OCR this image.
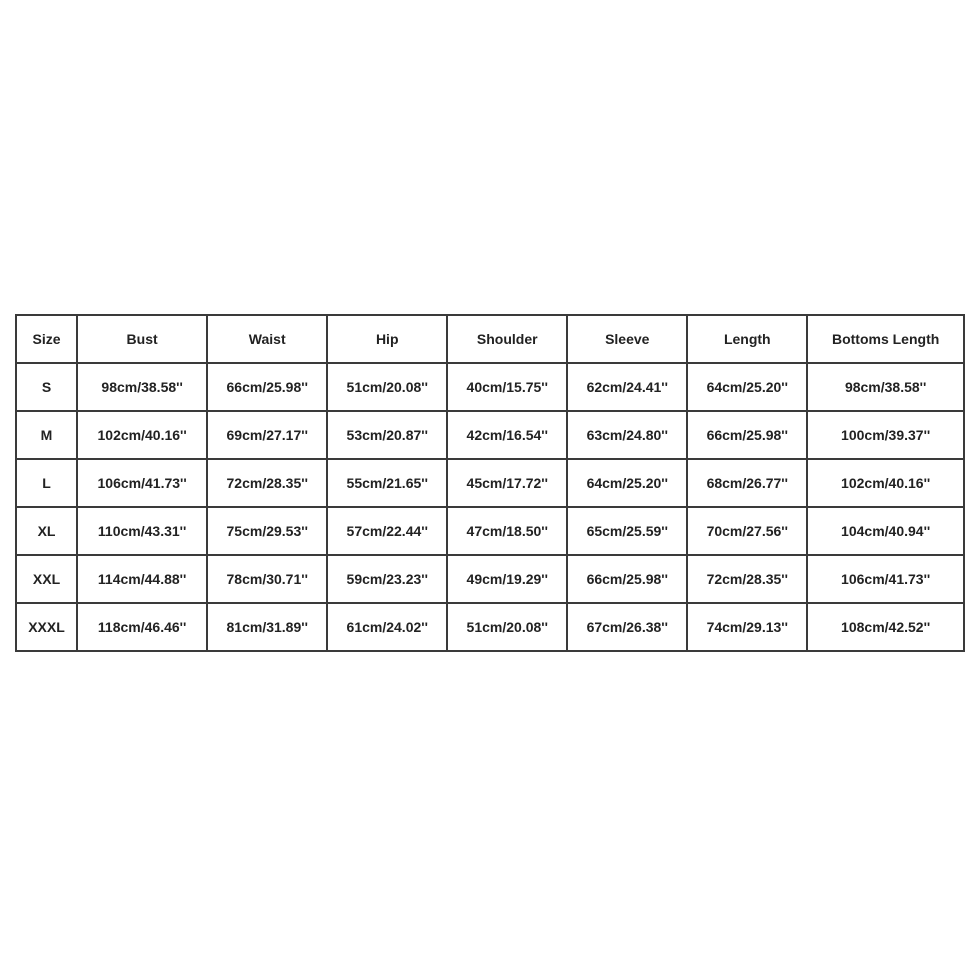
Size	Bust	Waist	Hip	Shoulder	Sleeve	Length	Bottoms Length
S	98cm/38.58''	66cm/25.98''	51cm/20.08''	40cm/15.75''	62cm/24.41''	64cm/25.20''	98cm/38.58''
M	102cm/40.16''	69cm/27.17''	53cm/20.87''	42cm/16.54''	63cm/24.80''	66cm/25.98''	100cm/39.37''
L	106cm/41.73''	72cm/28.35''	55cm/21.65''	45cm/17.72''	64cm/25.20''	68cm/26.77''	102cm/40.16''
XL	110cm/43.31''	75cm/29.53''	57cm/22.44''	47cm/18.50''	65cm/25.59''	70cm/27.56''	104cm/40.94''
XXL	114cm/44.88''	78cm/30.71''	59cm/23.23''	49cm/19.29''	66cm/25.98''	72cm/28.35''	106cm/41.73''
XXXL	118cm/46.46''	81cm/31.89''	61cm/24.02''	51cm/20.08''	67cm/26.38''	74cm/29.13''	108cm/42.52''
